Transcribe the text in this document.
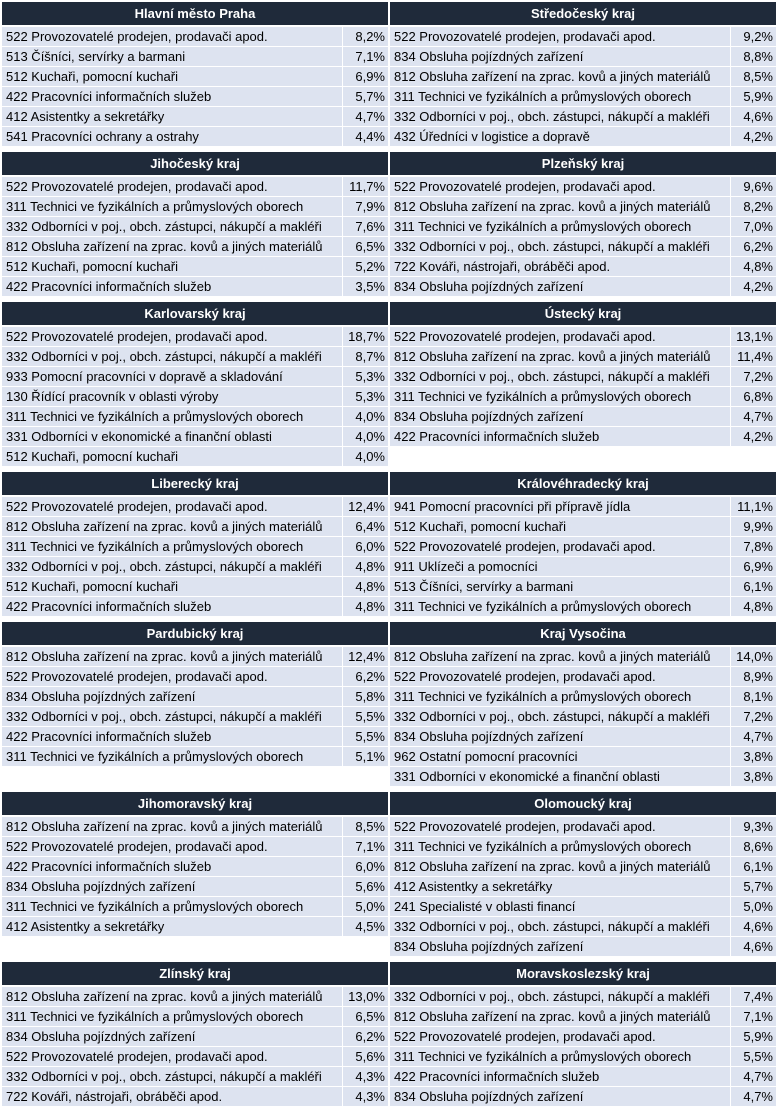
Hlavní město Praha
522 Provozovatelé prodejen, prodavači apod.	8,2%
513 Číšníci, servírky a barmani	7,1%
512 Kuchaři, pomocní kuchaři	6,9%
422 Pracovníci informačních služeb	5,7%
412 Asistentky a sekretářky	4,7%
541 Pracovníci ochrany a ostrahy	4,4%
Středočeský kraj
522 Provozovatelé prodejen, prodavači apod.	9,2%
834 Obsluha pojízdných zařízení	8,8%
812 Obsluha zařízení na zprac. kovů a jiných materiálů	8,5%
311 Technici ve fyzikálních a průmyslových oborech	5,9%
332 Odborníci v poj., obch. zástupci, nákupčí a makléři	4,6%
432 Úředníci v logistice a dopravě	4,2%
Jihočeský kraj
522 Provozovatelé prodejen, prodavači apod.	11,7%
311 Technici ve fyzikálních a průmyslových oborech	7,9%
332 Odborníci v poj., obch. zástupci, nákupčí a makléři	7,6%
812 Obsluha zařízení na zprac. kovů a jiných materiálů	6,5%
512 Kuchaři, pomocní kuchaři	5,2%
422 Pracovníci informačních služeb	3,5%
Plzeňský kraj
522 Provozovatelé prodejen, prodavači apod.	9,6%
812 Obsluha zařízení na zprac. kovů a jiných materiálů	8,2%
311 Technici ve fyzikálních a průmyslových oborech	7,0%
332 Odborníci v poj., obch. zástupci, nákupčí a makléři	6,2%
722 Kováři, nástrojaři, obráběči apod.	4,8%
834 Obsluha pojízdných zařízení	4,2%
Karlovarský kraj
522 Provozovatelé prodejen, prodavači apod.	18,7%
332 Odborníci v poj., obch. zástupci, nákupčí a makléři	8,7%
933 Pomocní pracovníci v dopravě a skladování	5,3%
130 Řídící pracovník v oblasti výroby	5,3%
311 Technici ve fyzikálních a průmyslových oborech	4,0%
331 Odborníci v ekonomické a finanční oblasti	4,0%
512 Kuchaři, pomocní kuchaři	4,0%
Ústecký kraj
522 Provozovatelé prodejen, prodavači apod.	13,1%
812 Obsluha zařízení na zprac. kovů a jiných materiálů	11,4%
332 Odborníci v poj., obch. zástupci, nákupčí a makléři	7,2%
311 Technici ve fyzikálních a průmyslových oborech	6,8%
834 Obsluha pojízdných zařízení	4,7%
422 Pracovníci informačních služeb	4,2%
Liberecký kraj
522 Provozovatelé prodejen, prodavači apod.	12,4%
812 Obsluha zařízení na zprac. kovů a jiných materiálů	6,4%
311 Technici ve fyzikálních a průmyslových oborech	6,0%
332 Odborníci v poj., obch. zástupci, nákupčí a makléři	4,8%
512 Kuchaři, pomocní kuchaři	4,8%
422 Pracovníci informačních služeb	4,8%
Královéhradecký kraj
941 Pomocní pracovníci při přípravě jídla	11,1%
512 Kuchaři, pomocní kuchaři	9,9%
522 Provozovatelé prodejen, prodavači apod.	7,8%
911 Uklízeči a pomocníci	6,9%
513 Číšníci, servírky a barmani	6,1%
311 Technici ve fyzikálních a průmyslových oborech	4,8%
Pardubický kraj
812 Obsluha zařízení na zprac. kovů a jiných materiálů	12,4%
522 Provozovatelé prodejen, prodavači apod.	6,2%
834 Obsluha pojízdných zařízení	5,8%
332 Odborníci v poj., obch. zástupci, nákupčí a makléři	5,5%
422 Pracovníci informačních služeb	5,5%
311 Technici ve fyzikálních a průmyslových oborech	5,1%
Kraj Vysočina
812 Obsluha zařízení na zprac. kovů a jiných materiálů	14,0%
522 Provozovatelé prodejen, prodavači apod.	8,9%
311 Technici ve fyzikálních a průmyslových oborech	8,1%
332 Odborníci v poj., obch. zástupci, nákupčí a makléři	7,2%
834 Obsluha pojízdných zařízení	4,7%
962 Ostatní pomocní pracovníci	3,8%
331 Odborníci v ekonomické a finanční oblasti	3,8%
Jihomoravský kraj
812 Obsluha zařízení na zprac. kovů a jiných materiálů	8,5%
522 Provozovatelé prodejen, prodavači apod.	7,1%
422 Pracovníci informačních služeb	6,0%
834 Obsluha pojízdných zařízení	5,6%
311 Technici ve fyzikálních a průmyslových oborech	5,0%
412 Asistentky a sekretářky	4,5%
Olomoucký kraj
522 Provozovatelé prodejen, prodavači apod.	9,3%
311 Technici ve fyzikálních a průmyslových oborech	8,6%
812 Obsluha zařízení na zprac. kovů a jiných materiálů	6,1%
412 Asistentky a sekretářky	5,7%
241 Specialisté v oblasti financí	5,0%
332 Odborníci v poj., obch. zástupci, nákupčí a makléři	4,6%
834 Obsluha pojízdných zařízení	4,6%
Zlínský kraj
812 Obsluha zařízení na zprac. kovů a jiných materiálů	13,0%
311 Technici ve fyzikálních a průmyslových oborech	6,5%
834 Obsluha pojízdných zařízení	6,2%
522 Provozovatelé prodejen, prodavači apod.	5,6%
332 Odborníci v poj., obch. zástupci, nákupčí a makléři	4,3%
722 Kováři, nástrojaři, obráběči apod.	4,3%
Moravskoslezský kraj
332 Odborníci v poj., obch. zástupci, nákupčí a makléři	7,4%
812 Obsluha zařízení na zprac. kovů a jiných materiálů	7,1%
522 Provozovatelé prodejen, prodavači apod.	5,9%
311 Technici ve fyzikálních a průmyslových oborech	5,5%
422 Pracovníci informačních služeb	4,7%
834 Obsluha pojízdných zařízení	4,7%
